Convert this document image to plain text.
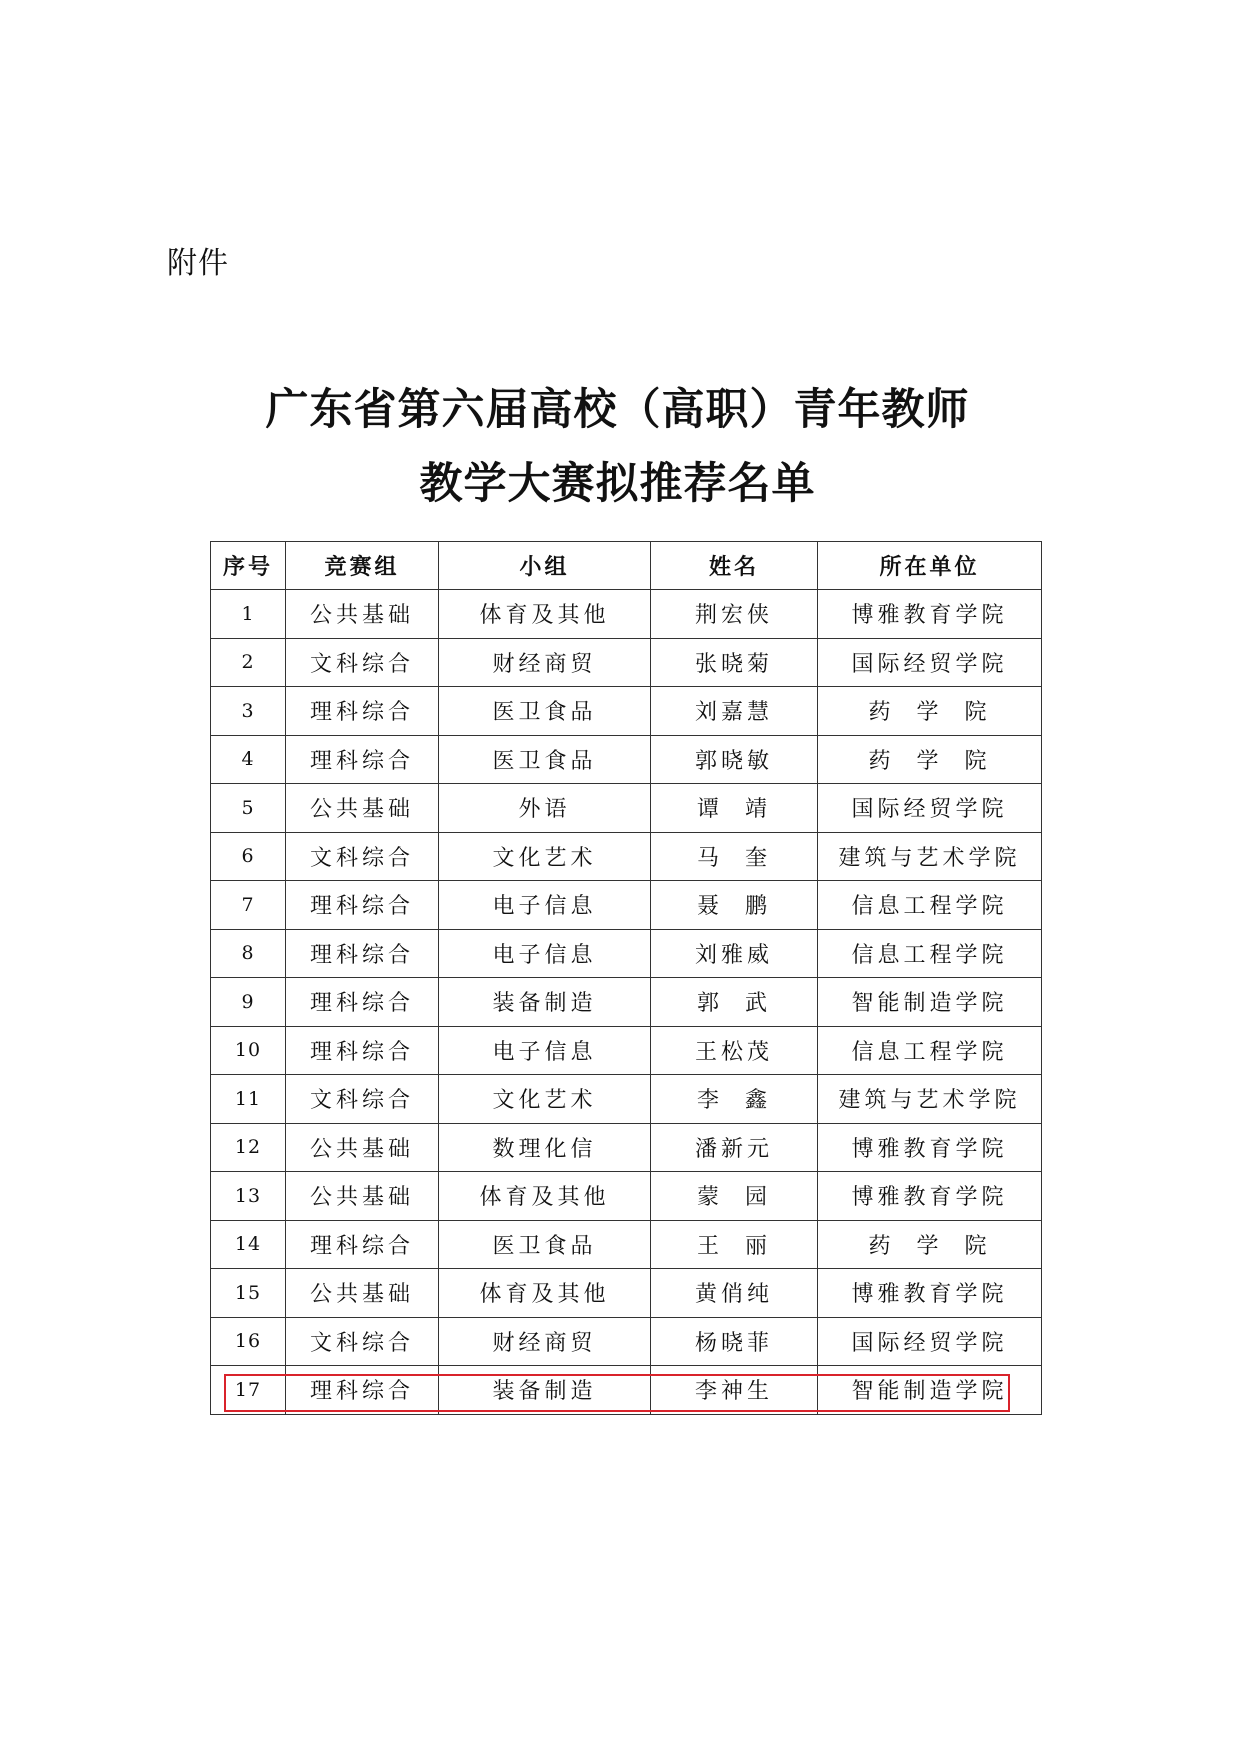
附件
广东省第六届高校（高职）青年教师
教学大赛拟推荐名单
序号	竞赛组	小组	姓名	所在单位
1	公共基础	体育及其他	荆宏侠	博雅教育学院
2	文科综合	财经商贸	张晓菊	国际经贸学院
3	理科综合	医卫食品	刘嘉慧	药  学  院
4	理科综合	医卫食品	郭晓敏	药  学  院
5	公共基础	外语	谭  靖	国际经贸学院
6	文科综合	文化艺术	马  奎	建筑与艺术学院
7	理科综合	电子信息	聂  鹏	信息工程学院
8	理科综合	电子信息	刘雅威	信息工程学院
9	理科综合	装备制造	郭  武	智能制造学院
10	理科综合	电子信息	王松茂	信息工程学院
11	文科综合	文化艺术	李  鑫	建筑与艺术学院
12	公共基础	数理化信	潘新元	博雅教育学院
13	公共基础	体育及其他	蒙  园	博雅教育学院
14	理科综合	医卫食品	王  丽	药  学  院
15	公共基础	体育及其他	黄俏纯	博雅教育学院
16	文科综合	财经商贸	杨晓菲	国际经贸学院
17	理科综合	装备制造	李神生	智能制造学院
